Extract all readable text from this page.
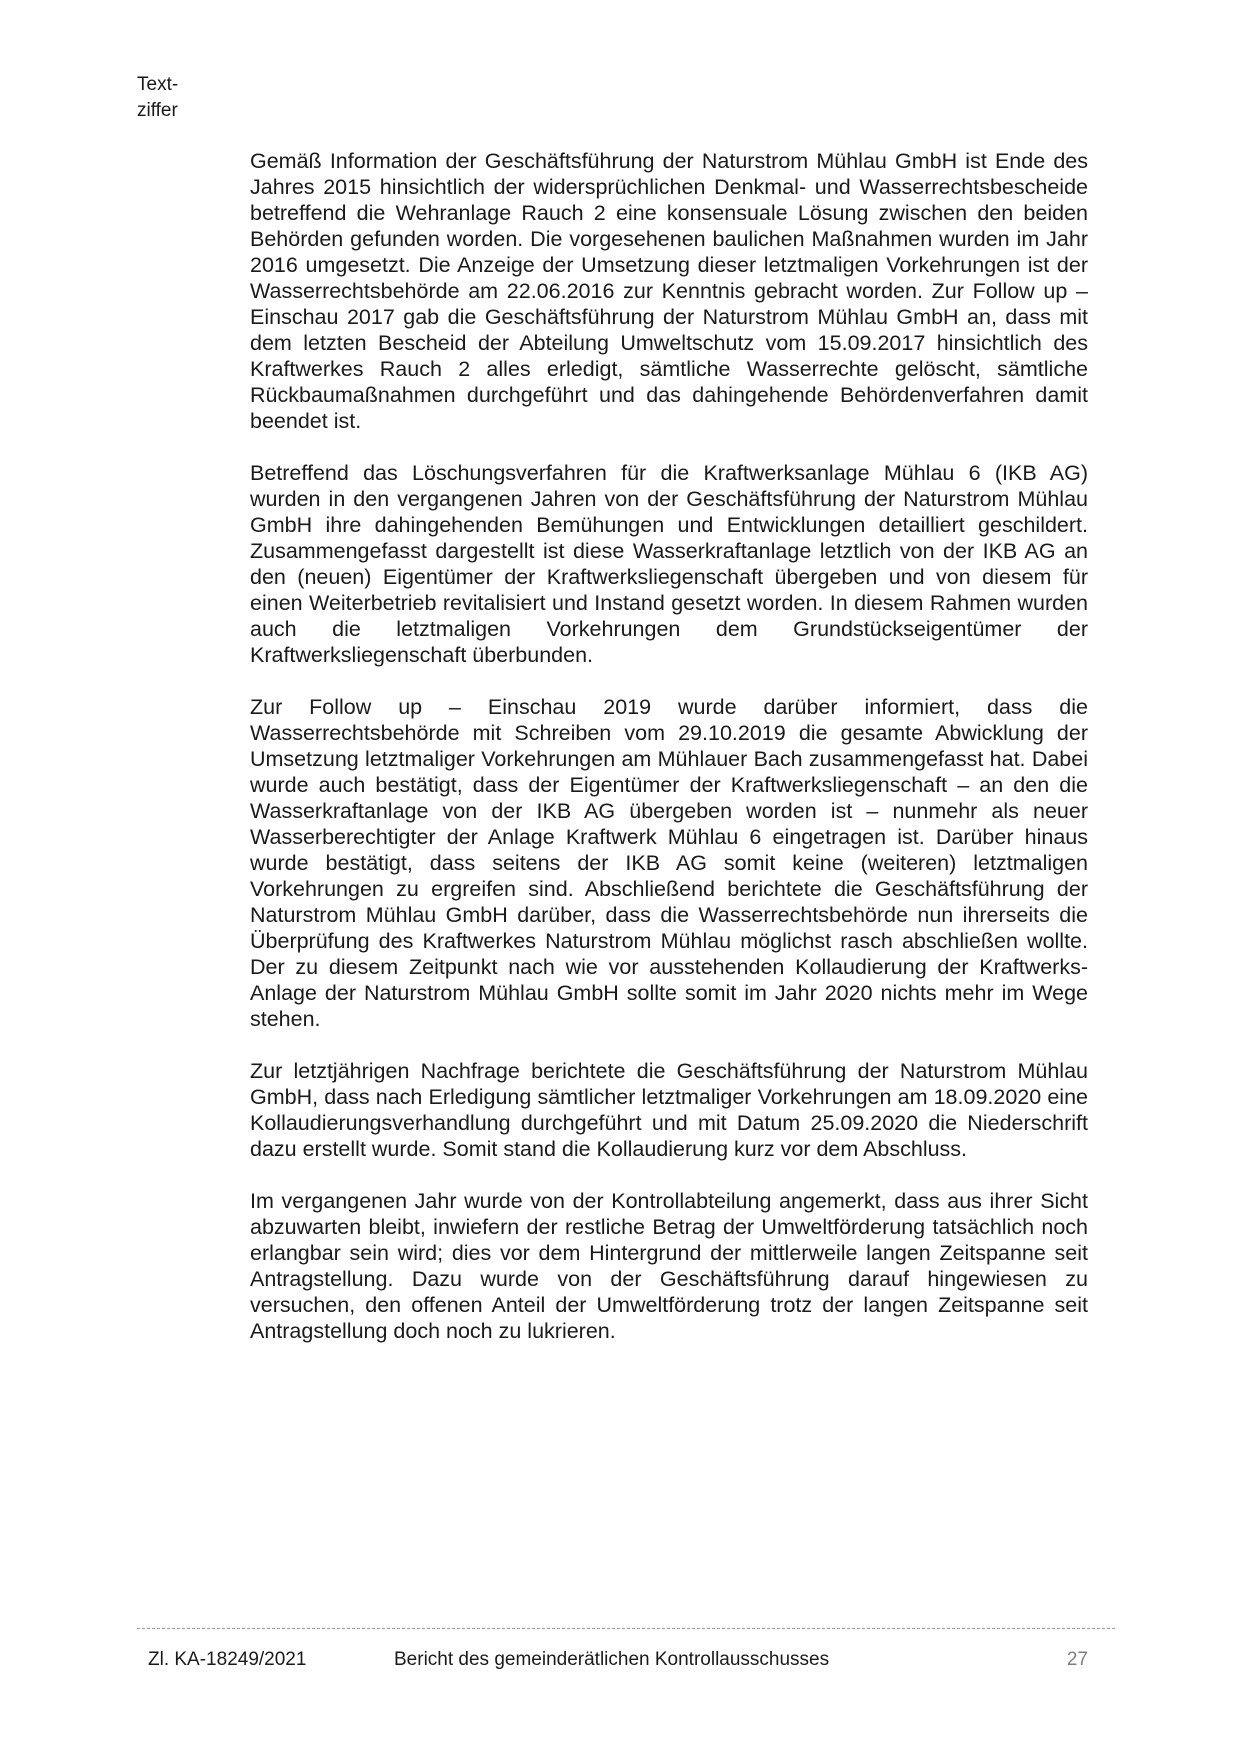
Text-
ziffer

Gemäß Information der Geschäftsführung der Naturstrom Mühlau GmbH ist Ende des Jahres 2015 hinsichtlich der widersprüchlichen Denkmal- und Wasserrechtsbescheide betreffend die Wehranlage Rauch 2 eine konsensuale Lösung zwischen den beiden Behörden gefunden worden. Die vorgesehenen baulichen Maßnahmen wurden im Jahr 2016 umgesetzt. Die Anzeige der Umsetzung dieser letztmaligen Vorkehrungen ist der Wasserrechtsbehörde am 22.06.2016 zur Kenntnis gebracht worden. Zur Follow up – Einschau 2017 gab die Geschäftsführung der Naturstrom Mühlau GmbH an, dass mit dem letzten Bescheid der Abteilung Umweltschutz vom 15.09.2017 hinsichtlich des Kraftwerkes Rauch 2 alles erledigt, sämtliche Wasserrechte gelöscht, sämtliche Rückbaumaßnahmen durchgeführt und das dahingehende Behördenverfahren damit beendet ist.

Betreffend das Löschungsverfahren für die Kraftwerksanlage Mühlau 6 (IKB AG) wurden in den vergangenen Jahren von der Geschäftsführung der Naturstrom Mühlau GmbH ihre dahingehenden Bemühungen und Entwicklungen detailliert geschildert. Zusammengefasst dargestellt ist diese Wasserkraftanlage letztlich von der IKB AG an den (neuen) Eigentümer der Kraftwerksliegenschaft übergeben und von diesem für einen Weiterbetrieb revitalisiert und Instand gesetzt worden. In diesem Rahmen wurden auch die letztmaligen Vorkehrungen dem Grundstückseigentümer der Kraftwerksliegenschaft überbunden.

Zur Follow up – Einschau 2019 wurde darüber informiert, dass die Wasserrechtsbehörde mit Schreiben vom 29.10.2019 die gesamte Abwicklung der Umsetzung letztmaliger Vorkehrungen am Mühlauer Bach zusammengefasst hat. Dabei wurde auch bestätigt, dass der Eigentümer der Kraftwerksliegenschaft – an den die Wasserkraftanlage von der IKB AG übergeben worden ist – nunmehr als neuer Wasserberechtigter der Anlage Kraftwerk Mühlau 6 eingetragen ist. Darüber hinaus wurde bestätigt, dass seitens der IKB AG somit keine (weiteren) letztmaligen Vorkehrungen zu ergreifen sind. Abschließend berichtete die Geschäftsführung der Naturstrom Mühlau GmbH darüber, dass die Wasserrechtsbehörde nun ihrerseits die Überprüfung des Kraftwerkes Naturstrom Mühlau möglichst rasch abschließen wollte. Der zu diesem Zeitpunkt nach wie vor ausstehenden Kollaudierung der Kraftwerks-Anlage der Naturstrom Mühlau GmbH sollte somit im Jahr 2020 nichts mehr im Wege stehen.

Zur letztjährigen Nachfrage berichtete die Geschäftsführung der Naturstrom Mühlau GmbH, dass nach Erledigung sämtlicher letztmaliger Vorkehrungen am 18.09.2020 eine Kollaudierungsverhandlung durchgeführt und mit Datum 25.09.2020 die Niederschrift dazu erstellt wurde. Somit stand die Kollaudierung kurz vor dem Abschluss.

Im vergangenen Jahr wurde von der Kontrollabteilung angemerkt, dass aus ihrer Sicht abzuwarten bleibt, inwiefern der restliche Betrag der Umweltförderung tatsächlich noch erlangbar sein wird; dies vor dem Hintergrund der mittlerweile langen Zeitspanne seit Antragstellung. Dazu wurde von der Geschäftsführung darauf hingewiesen zu versuchen, den offenen Anteil der Umweltförderung trotz der langen Zeitspanne seit Antragstellung doch noch zu lukrieren.

Zl. KA-18249/2021	Bericht des gemeinderätlichen Kontrollausschusses	27
